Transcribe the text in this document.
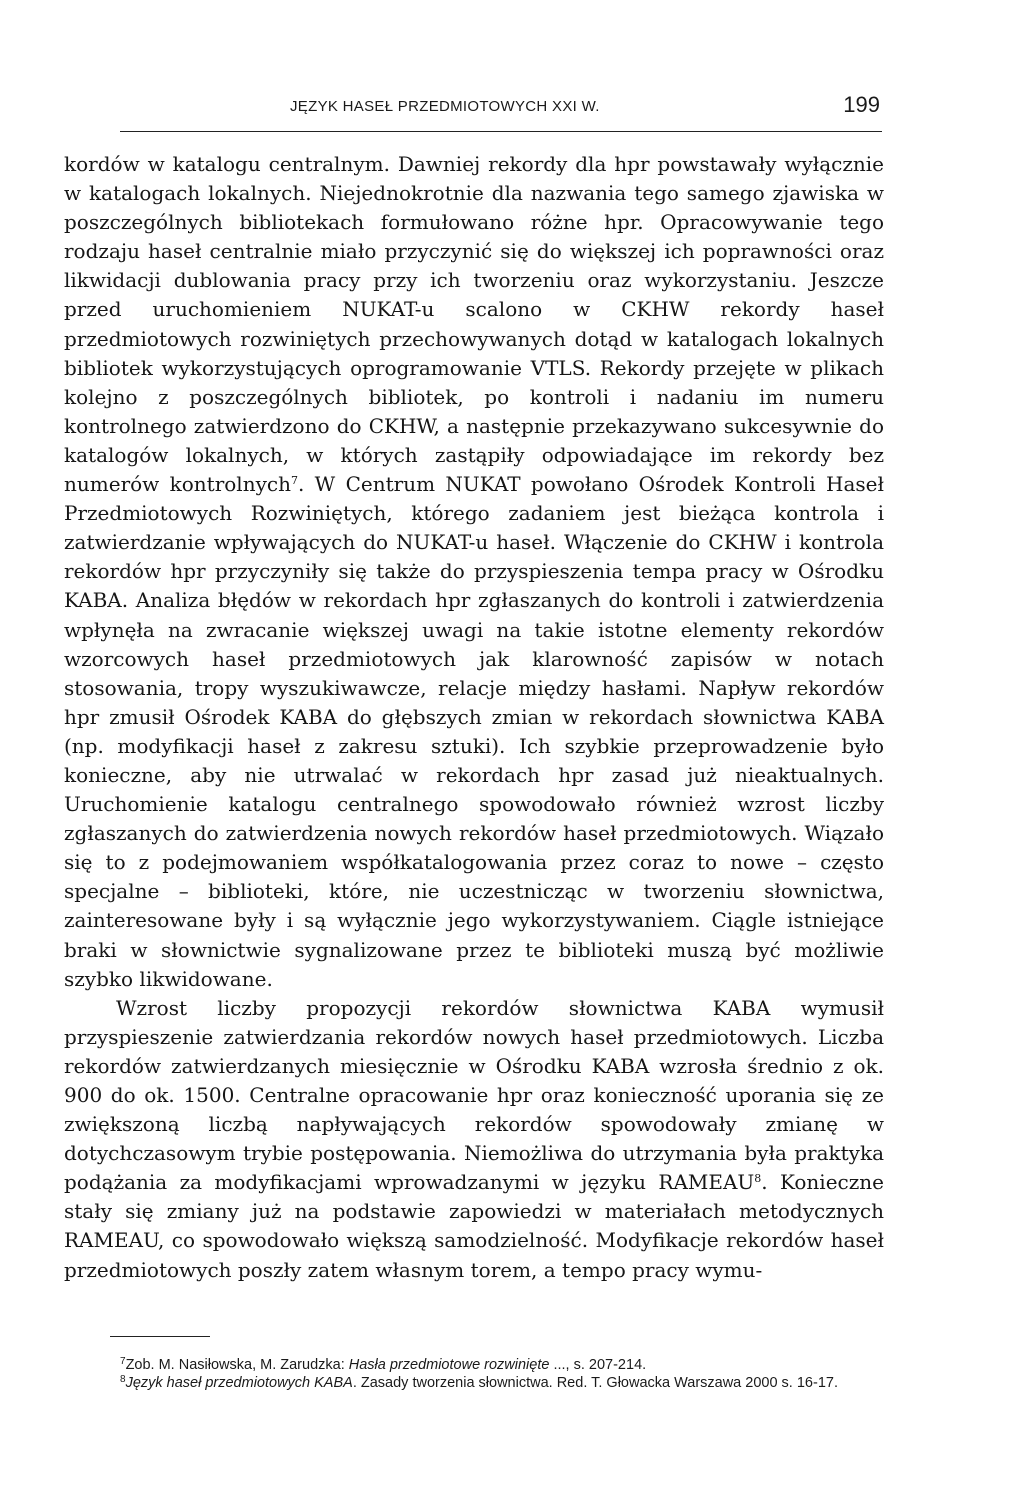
JĘZYK HASEŁ PRZEDMIOTOWYCH XXI W.	199

kordów w katalogu centralnym. Dawniej rekordy dla hpr powstawały wyłącznie w katalogach lokalnych. Niejednokrotnie dla nazwania tego samego zjawiska w poszczególnych bibliotekach formułowano różne hpr. Opracowywanie tego rodzaju haseł centralnie miało przyczynić się do większej ich poprawności oraz likwidacji dublowania pracy przy ich tworzeniu oraz wykorzystaniu. Jeszcze przed uruchomieniem NUKAT-u scalono w CKHW rekordy haseł przedmiotowych rozwiniętych przechowywanych dotąd w katalogach lokalnych bibliotek wykorzystujących oprogramowanie VTLS. Rekordy przejęte w plikach kolejno z poszczególnych bibliotek, po kontroli i nadaniu im numeru kontrolnego zatwierdzono do CKHW, a następnie przekazywano sukcesywnie do katalogów lokalnych, w których zastąpiły odpowiadające im rekordy bez numerów kontrolnych$^7$. W Centrum NUKAT powołano Ośrodek Kontroli Haseł Przedmiotowych Rozwiniętych, którego zadaniem jest bieżąca kontrola i zatwierdzanie wpływających do NUKAT-u haseł. Włączenie do CKHW i kontrola rekordów hpr przyczyniły się także do przyspieszenia tempa pracy w Ośrodku KABA. Analiza błędów w rekordach hpr zgłaszanych do kontroli i zatwierdzenia wpłynęła na zwracanie większej uwagi na takie istotne elementy rekordów wzorcowych haseł przedmiotowych jak klarowność zapisów w notach stosowania, tropy wyszukiwawcze, relacje między hasłami. Napływ rekordów hpr zmusił Ośrodek KABA do głębszych zmian w rekordach słownictwa KABA (np. modyfikacji haseł z zakresu sztuki). Ich szybkie przeprowadzenie było konieczne, aby nie utrwalać w rekordach hpr zasad już nieaktualnych. Uruchomienie katalogu centralnego spowodowało również wzrost liczby zgłaszanych do zatwierdzenia nowych rekordów haseł przedmiotowych. Wiązało się to z podejmowaniem współkatalogowania przez coraz to nowe – często specjalne – biblioteki, które, nie uczestnicząc w tworzeniu słownictwa, zainteresowane były i są wyłącznie jego wykorzystywaniem. Ciągle istniejące braki w słownictwie sygnalizowane przez te biblioteki muszą być możliwie szybko likwidowane.

Wzrost liczby propozycji rekordów słownictwa KABA wymusił przyspieszenie zatwierdzania rekordów nowych haseł przedmiotowych. Liczba rekordów zatwierdzanych miesięcznie w Ośrodku KABA wzrosła średnio z ok. 900 do ok. 1500. Centralne opracowanie hpr oraz konieczność uporania się ze zwiększoną liczbą napływających rekordów spowodowały zmianę w dotychczasowym trybie postępowania. Niemożliwa do utrzymania była praktyka podążania za modyfikacjami wprowadzanymi w języku RAMEAU$^8$. Konieczne stały się zmiany już na podstawie zapowiedzi w materiałach metodycznych RAMEAU, co spowodowało większą samodzielność. Modyfikacje rekordów haseł przedmiotowych poszły zatem własnym torem, a tempo pracy wymu-

$^7$Zob. M. Nasiłowska, M. Zarudzka: Hasła przedmiotowe rozwinięte ..., s. 207-214.

$^8$Język haseł przedmiotowych KABA. Zasady tworzenia słownictwa. Red. T. Głowacka Warszawa 2000 s. 16-17.
